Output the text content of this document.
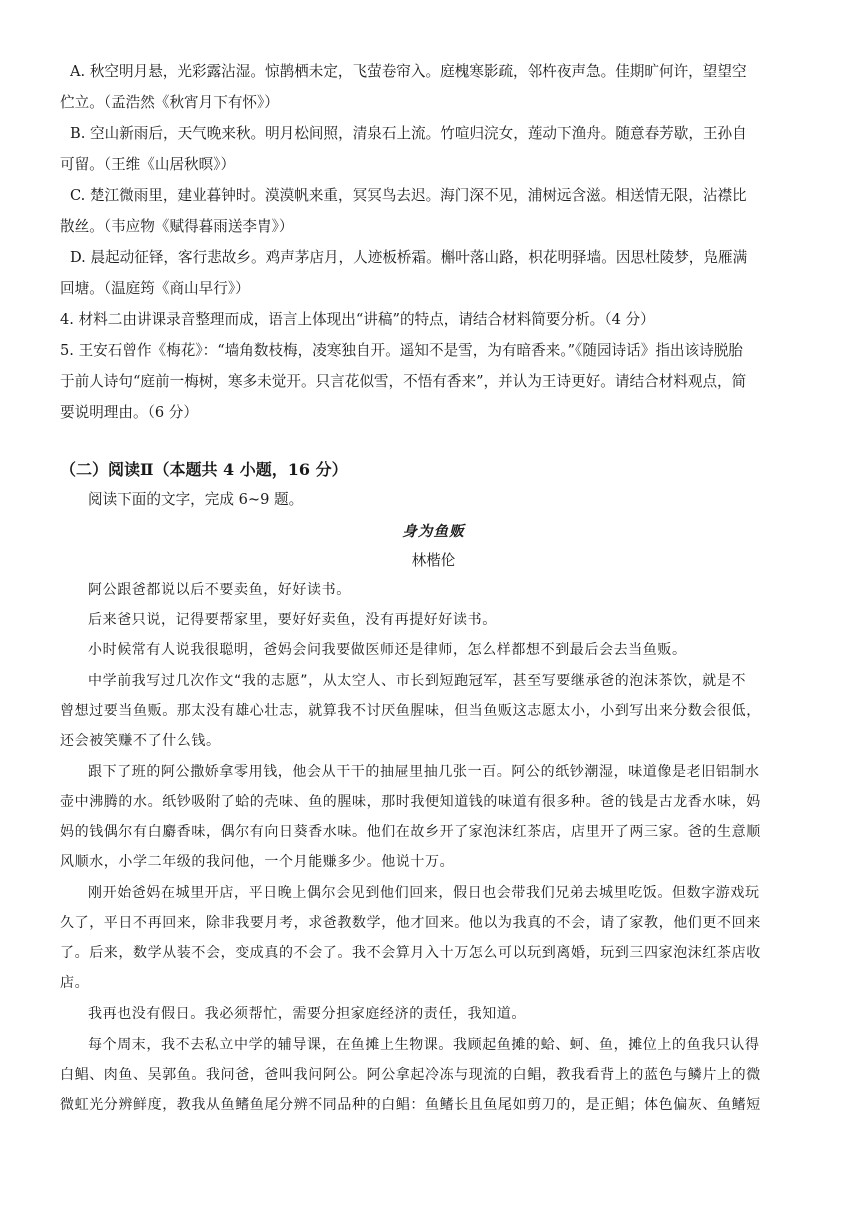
A. 秋空明月悬，光彩露沾湿。惊鹊栖未定，飞萤卷帘入。庭槐寒影疏，邻杵夜声急。佳期旷何许，望望空
伫立。（孟浩然《秋宵月下有怀》）
B. 空山新雨后，天气晚来秋。明月松间照，清泉石上流。竹喧归浣女，莲动下渔舟。随意春芳歇，王孙自
可留。（王维《山居秋暝》）
C. 楚江微雨里，建业暮钟时。漠漠帆来重，冥冥鸟去迟。海门深不见，浦树远含滋。相送情无限，沾襟比
散丝。（韦应物《赋得暮雨送李胄》）
D. 晨起动征铎，客行悲故乡。鸡声茅店月，人迹板桥霜。槲叶落山路，枳花明驿墙。因思杜陵梦，凫雁满
回塘。（温庭筠《商山早行》）
4. 材料二由讲课录音整理而成，语言上体现出“讲稿”的特点，请结合材料简要分析。（4 分）
5. 王安石曾作《梅花》：“墙角数枝梅，凌寒独自开。遥知不是雪，为有暗香来。”《随园诗话》指出该诗脱胎
于前人诗句“庭前一梅树，寒多未觉开。只言花似雪，不悟有香来”，并认为王诗更好。请结合材料观点，简
要说明理由。（6 分）
（二）阅读Ⅱ（本题共 4 小题，16 分）
阅读下面的文字，完成 6~9 题。
身为鱼贩
林楷伦
阿公跟爸都说以后不要卖鱼，好好读书。
后来爸只说，记得要帮家里，要好好卖鱼，没有再提好好读书。
小时候常有人说我很聪明，爸妈会问我要做医师还是律师，怎么样都想不到最后会去当鱼贩。
中学前我写过几次作文“我的志愿”，从太空人、市长到短跑冠军，甚至写要继承爸的泡沫茶饮，就是不
曾想过要当鱼贩。那太没有雄心壮志，就算我不讨厌鱼腥味，但当鱼贩这志愿太小，小到写出来分数会很低，
还会被笑赚不了什么钱。
跟下了班的阿公撒娇拿零用钱，他会从干干的抽屉里抽几张一百。阿公的纸钞潮湿，味道像是老旧铝制水
壶中沸腾的水。纸钞吸附了蛤的壳味、鱼的腥味，那时我便知道钱的味道有很多种。爸的钱是古龙香水味，妈
妈的钱偶尔有白麝香味，偶尔有向日葵香水味。他们在故乡开了家泡沫红茶店，店里开了两三家。爸的生意顺
风顺水，小学二年级的我问他，一个月能赚多少。他说十万。
刚开始爸妈在城里开店，平日晚上偶尔会见到他们回来，假日也会带我们兄弟去城里吃饭。但数字游戏玩
久了，平日不再回来，除非我要月考，求爸教数学，他才回来。他以为我真的不会，请了家教，他们更不回来
了。后来，数学从装不会，变成真的不会了。我不会算月入十万怎么可以玩到离婚，玩到三四家泡沫红茶店收
店。
我再也没有假日。我必须帮忙，需要分担家庭经济的责任，我知道。
每个周末，我不去私立中学的辅导课，在鱼摊上生物课。我顾起鱼摊的蛤、蚵、鱼，摊位上的鱼我只认得
白鲳、肉鱼、吴郭鱼。我问爸，爸叫我问阿公。阿公拿起冷冻与现流的白鲳，教我看背上的蓝色与鳞片上的微
微虹光分辨鲜度，教我从鱼鳍鱼尾分辨不同品种的白鲳：鱼鳍长且鱼尾如剪刀的，是正鲳；体色偏灰、鱼鳍短
